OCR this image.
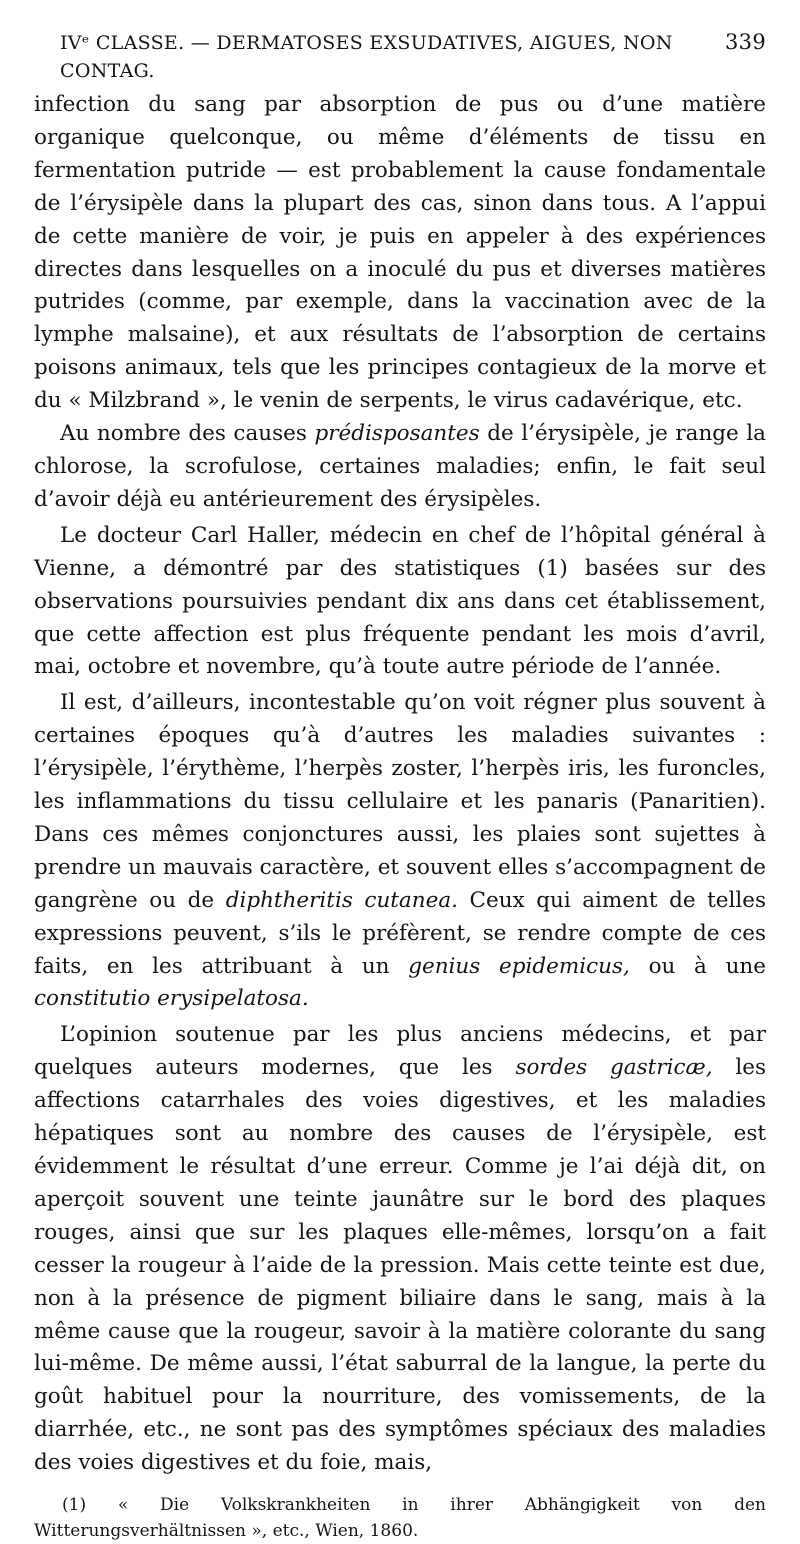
IVᵉ CLASSE. — DERMATOSES EXSUDATIVES, AIGUES, NON CONTAG.
339

infection du sang par absorption de pus ou d’une matière organique quelconque, ou même d’éléments de tissu en fermentation putride — est probablement la cause fondamentale de l’érysipèle dans la plupart des cas, sinon dans tous. A l’appui de cette manière de voir, je puis en appeler à des expériences directes dans lesquelles on a inoculé du pus et diverses matières putrides (comme, par exemple, dans la vaccination avec de la lymphe malsaine), et aux résultats de l’absorption de certains poisons animaux, tels que les principes contagieux de la morve et du « Milzbrand », le venin de serpents, le virus cadavérique, etc.

Au nombre des causes prédisposantes de l’érysipèle, je range la chlorose, la scrofulose, certaines maladies; enfin, le fait seul d’avoir déjà eu antérieurement des érysipèles.

Le docteur Carl Haller, médecin en chef de l’hôpital général à Vienne, a démontré par des statistiques (1) basées sur des observations poursuivies pendant dix ans dans cet établissement, que cette affection est plus fréquente pendant les mois d’avril, mai, octobre et novembre, qu’à toute autre période de l’année.

Il est, d’ailleurs, incontestable qu’on voit régner plus souvent à certaines époques qu’à d’autres les maladies suivantes : l’érysipèle, l’érythème, l’herpès zoster, l’herpès iris, les furoncles, les inflammations du tissu cellulaire et les panaris (Panaritien). Dans ces mêmes conjonctures aussi, les plaies sont sujettes à prendre un mauvais caractère, et souvent elles s’accompagnent de gangrène ou de diphtheritis cutanea. Ceux qui aiment de telles expressions peuvent, s’ils le préfèrent, se rendre compte de ces faits, en les attribuant à un genius epidemicus, ou à une constitutio erysipelatosa.

L’opinion soutenue par les plus anciens médecins, et par quelques auteurs modernes, que les sordes gastricæ, les affections catarrhales des voies digestives, et les maladies hépatiques sont au nombre des causes de l’érysipèle, est évidemment le résultat d’une erreur. Comme je l’ai déjà dit, on aperçoit souvent une teinte jaunâtre sur le bord des plaques rouges, ainsi que sur les plaques elle-mêmes, lorsqu’on a fait cesser la rougeur à l’aide de la pression. Mais cette teinte est due, non à la présence de pigment biliaire dans le sang, mais à la même cause que la rougeur, savoir à la matière colorante du sang lui-même. De même aussi, l’état saburral de la langue, la perte du goût habituel pour la nourriture, des vomissements, de la diarrhée, etc., ne sont pas des symptômes spéciaux des maladies des voies digestives et du foie, mais,

(1) « Die Volkskrankheiten in ihrer Abhängigkeit von den Witterungsverhältnissen », etc., Wien, 1860.
